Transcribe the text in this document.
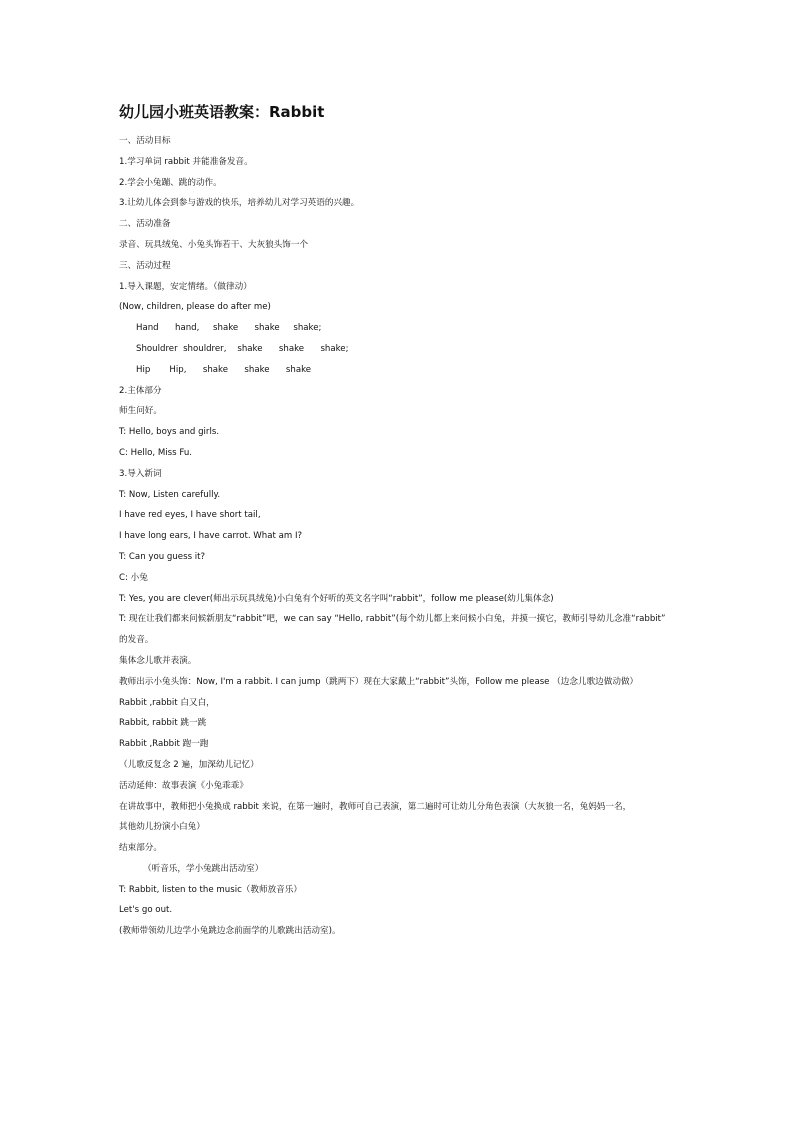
幼儿园小班英语教案：Rabbit
一、活动目标
1.学习单词 rabbit 并能准备发音。
2.学会小兔蹦、跳的动作。
3.让幼儿体会到参与游戏的快乐，培养幼儿对学习英语的兴趣。
二、活动准备
录音、玩具绒兔、小兔头饰若干、大灰狼头饰一个
三、活动过程
1.导入课题，安定情绪。（做律动）
(Now, children, please do after me)
Hand      hand,     shake      shake     shake;
Shouldrer  shouldrer,    shake      shake      shake;
Hip       Hip,      shake      shake      shake
2.主体部分
师生问好。
T: Hello, boys and girls.
C: Hello, Miss Fu.
3.导入新词
T: Now, Listen carefully.
I have red eyes, I have short tail,
I have long ears, I have carrot. What am I?
T: Can you guess it?
C: 小兔
T: Yes, you are clever(师出示玩具绒兔)小白兔有个好听的英文名字叫“rabbit”，follow me please(幼儿集体念)
T: 现在让我们都来问候新朋友“rabbit”吧，we can say “Hello, rabbit”(每个幼儿都上来问候小白兔，并摸一摸它，教师引导幼儿念准“rabbit”
的发音。
集体念儿歌并表演。
教师出示小兔头饰：Now, I'm a rabbit. I can jump（跳两下）现在大家戴上“rabbit”头饰，Follow me please （边念儿歌边做动做）
Rabbit ,rabbit 白又白，
Rabbit, rabbit 跳一跳
Rabbit ,Rabbit 跑一跑
（儿歌反复念 2 遍，加深幼儿记忆）
活动延伸：故事表演《小兔乖乖》
在讲故事中，教师把小兔换成 rabbit 来说，在第一遍时，教师可自己表演，第二遍时可让幼儿分角色表演（大灰狼一名，兔妈妈一名，
其他幼儿扮演小白兔）
结束部分。
（听音乐，学小兔跳出活动室）
T: Rabbit, listen to the music（教师放音乐）
Let's go out.
(教师带领幼儿边学小兔跳边念前面学的儿歌跳出活动室)。
